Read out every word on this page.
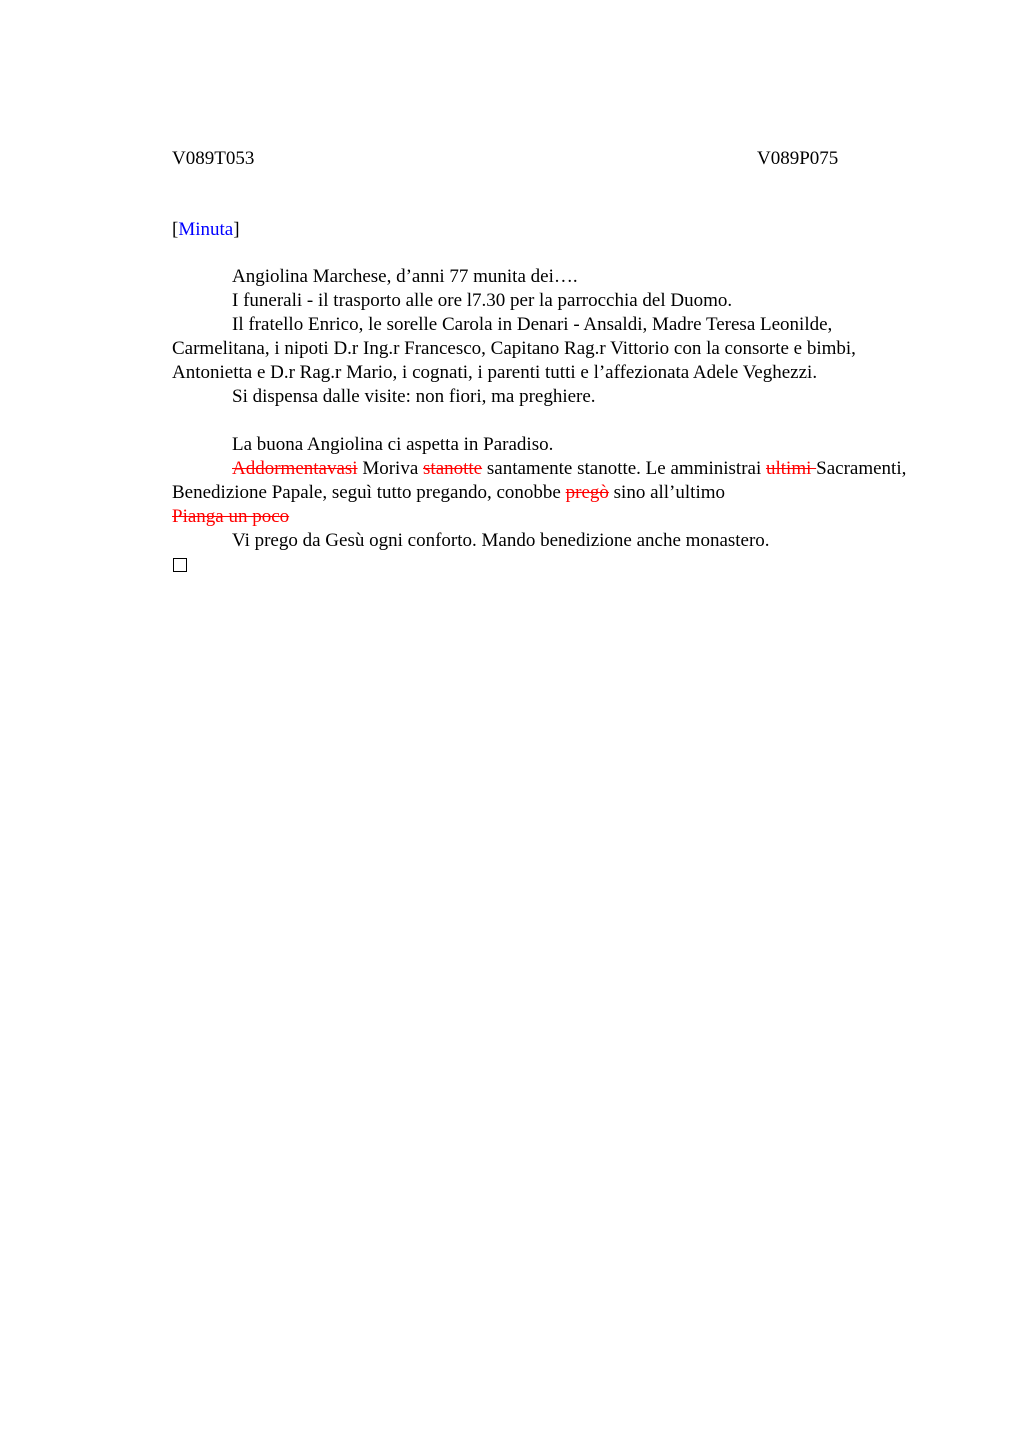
V089T053	V089P075
[Minuta]

Angiolina Marchese, d’anni 77 munita dei….

I funerali - il trasporto alle ore l7.30 per la parrocchia del Duomo.

Il fratello Enrico, le sorelle Carola in Denari - Ansaldi, Madre Teresa Leonilde, Carmelitana, i nipoti D.r Ing.r Francesco, Capitano Rag.r Vittorio con la consorte e bimbi, Antonietta e D.r Rag.r Mario, i cognati, i parenti tutti e l’affezionata Adele Veghezzi.

Si dispensa dalle visite: non fiori, ma preghiere.

La buona Angiolina ci aspetta in Paradiso.

Addormentavasi Moriva stanotte santamente stanotte. Le amministrai ultimi Sacramenti, Benedizione Papale, seguì tutto pregando, conobbe pregò sino all’ultimo

Pianga un poco

Vi prego da Gesù ogni conforto. Mando benedizione anche monastero.
